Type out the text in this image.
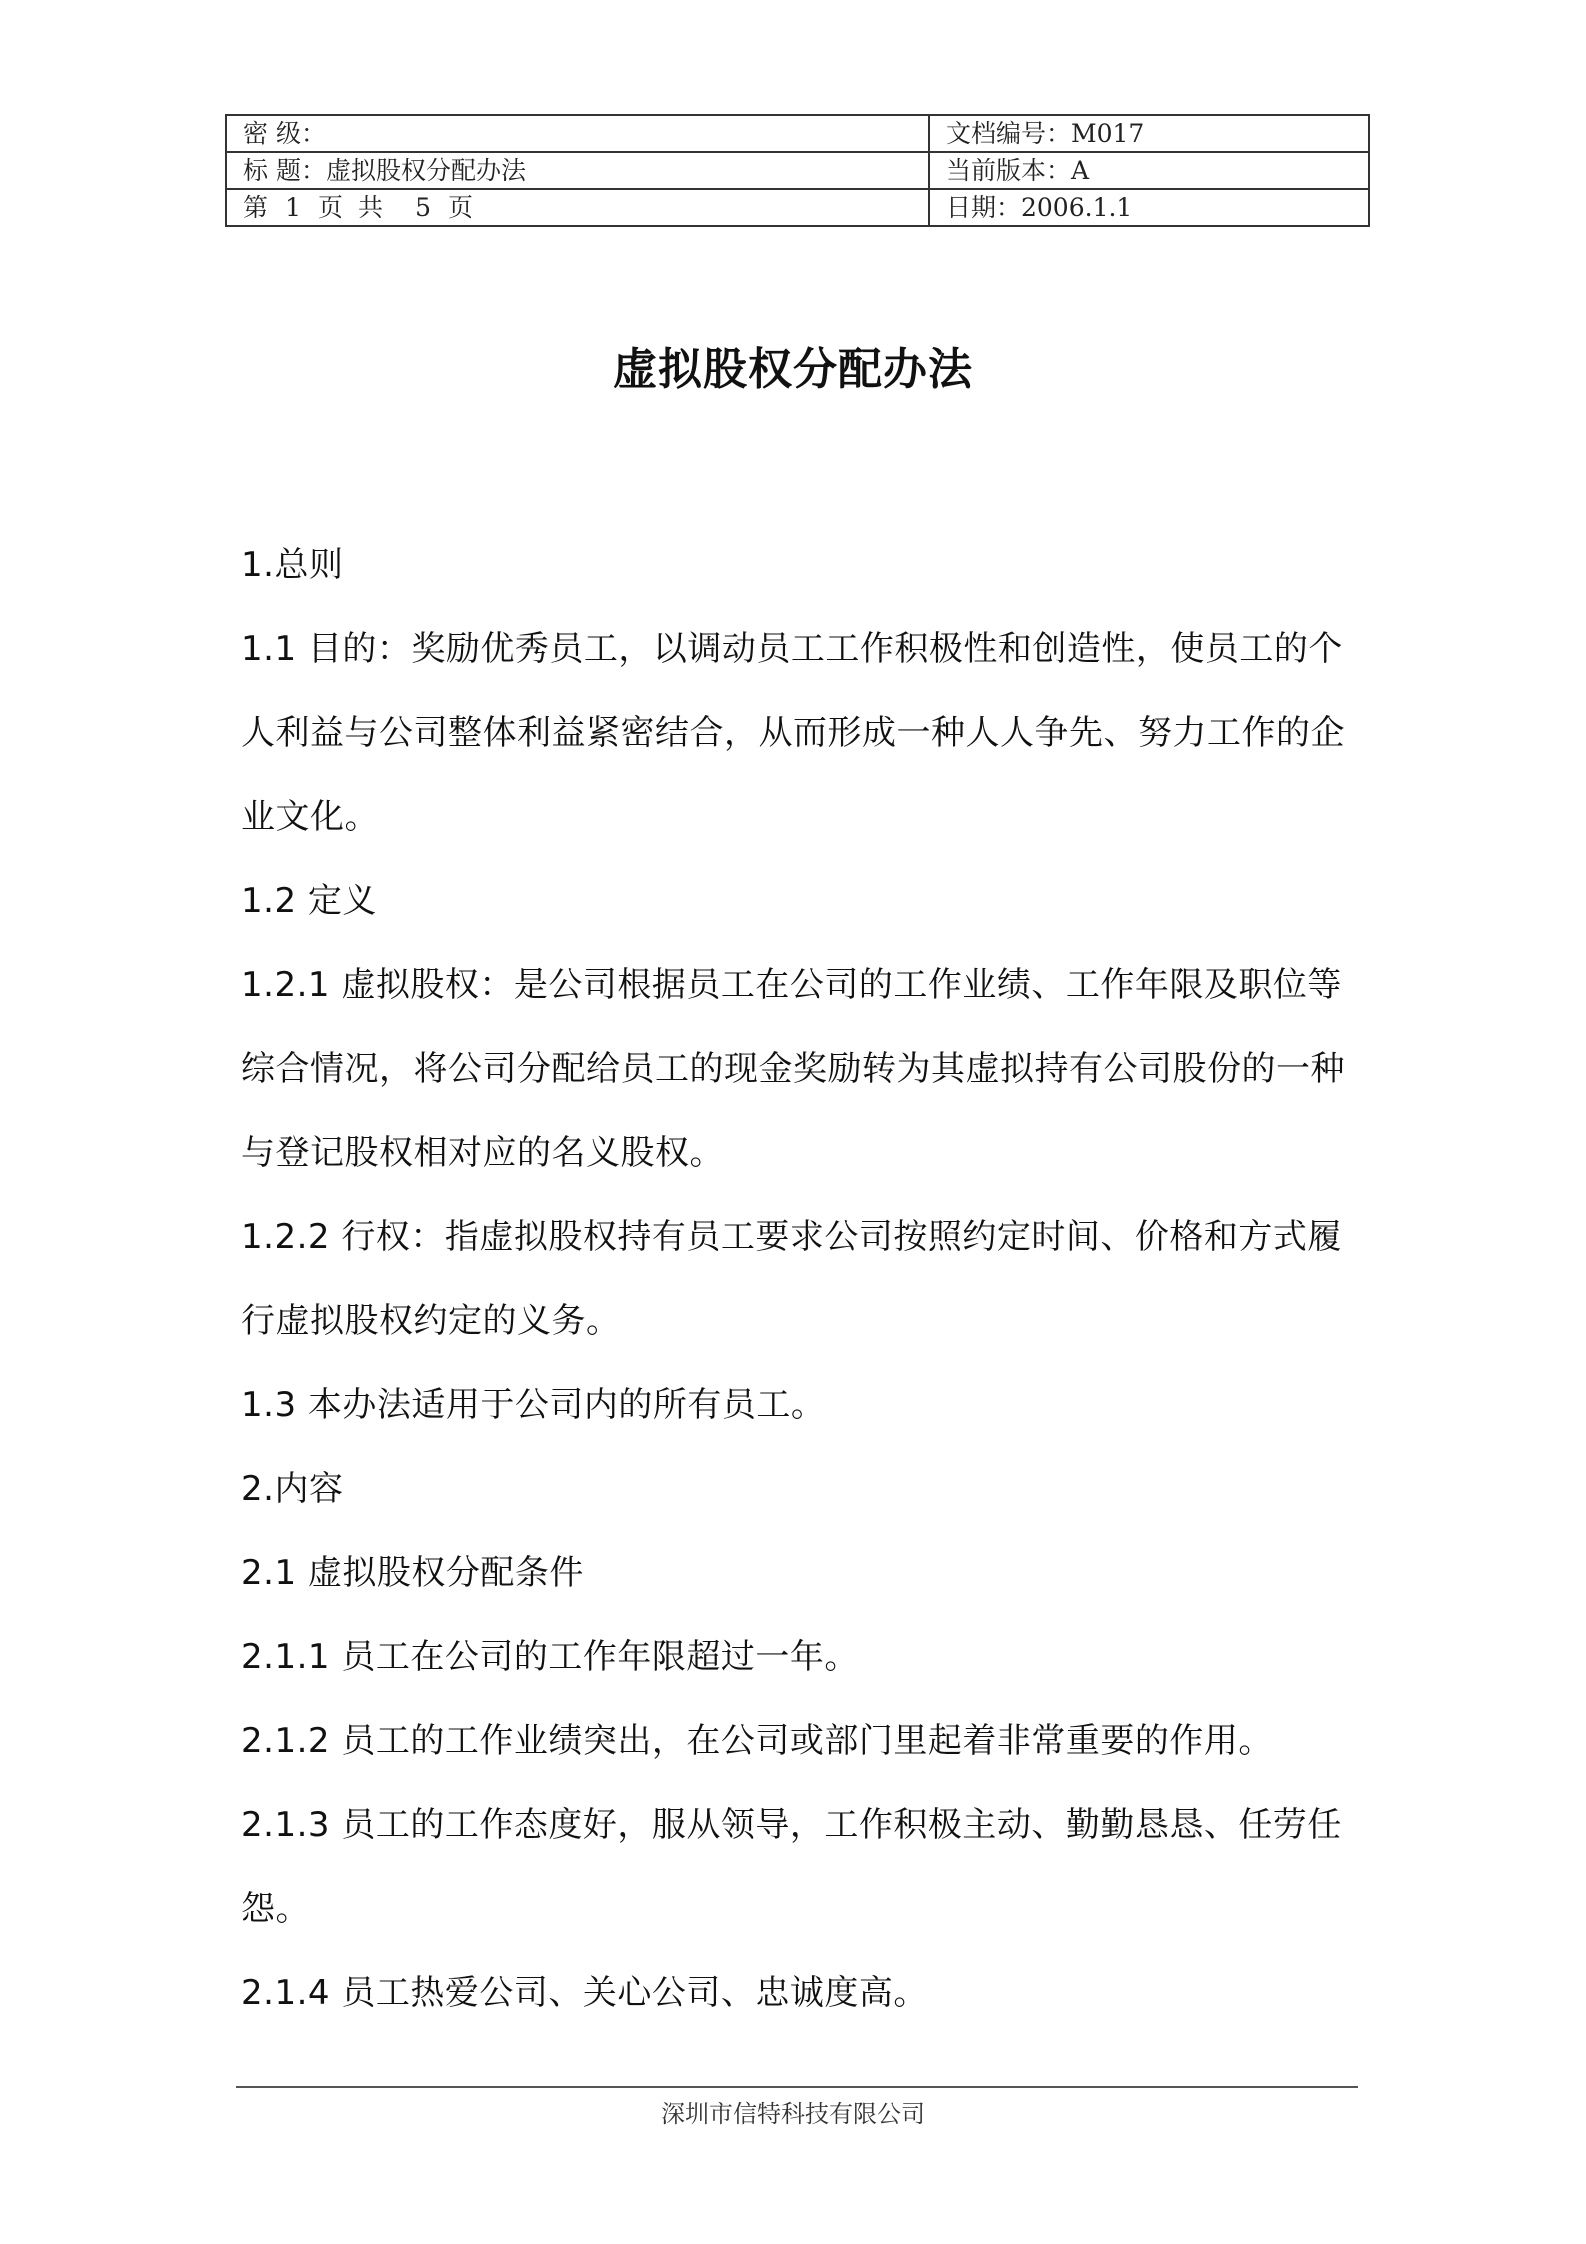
密 级：	文档编号：M017
标 题：虚拟股权分配办法	当前版本：A
第 1 页 共 5 页	日期：2006.1.1
虚拟股权分配办法

1.总则

1.1 目的：奖励优秀员工，以调动员工工作积极性和创造性，使员工的个人利益与公司整体利益紧密结合，从而形成一种人人争先、努力工作的企业文化。

1.2 定义

1.2.1 虚拟股权：是公司根据员工在公司的工作业绩、工作年限及职位等综合情况，将公司分配给员工的现金奖励转为其虚拟持有公司股份的一种与登记股权相对应的名义股权。

1.2.2 行权：指虚拟股权持有员工要求公司按照约定时间、价格和方式履行虚拟股权约定的义务。

1.3 本办法适用于公司内的所有员工。

2.内容

2.1 虚拟股权分配条件

2.1.1 员工在公司的工作年限超过一年。

2.1.2 员工的工作业绩突出，在公司或部门里起着非常重要的作用。

2.1.3 员工的工作态度好，服从领导，工作积极主动、勤勤恳恳、任劳任怨。

2.1.4 员工热爱公司、关心公司、忠诚度高。

深圳市信特科技有限公司
